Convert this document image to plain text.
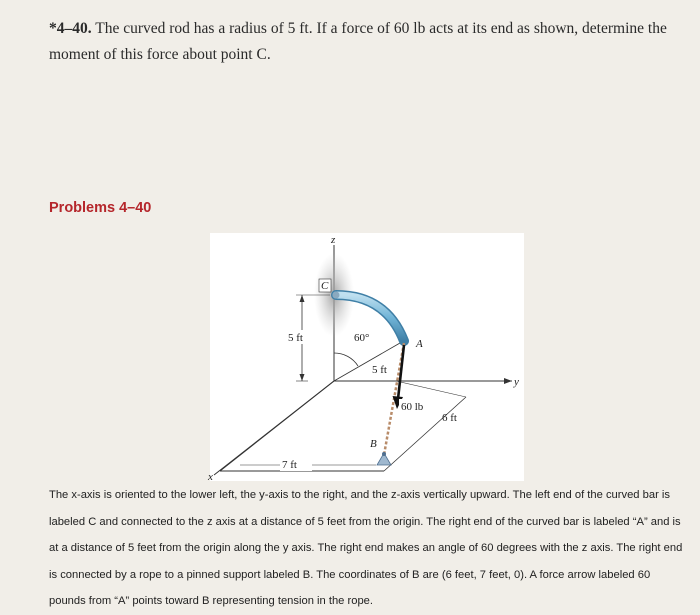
*4–40. The curved rod has a radius of 5 ft. If a force of 60 lb acts at its end as shown, determine the moment of this force about point C.
Problems 4–40
z
y
x
5 ft	60°
5 ft
C
A
60 lb
B
6 ft
7 ft
The x-axis is oriented to the lower left, the y-axis to the right, and the z-axis vertically upward. The left end of the curved bar is labeled C and connected to the z axis at a distance of 5 feet from the origin. The right end of the curved bar is labeled “A” and is at a distance of 5 feet from the origin along the y axis. The right end makes an angle of 60 degrees with the z axis. The right end is connected by a rope to a pinned support labeled B. The coordinates of B are (6 feet, 7 feet, 0). A force arrow labeled 60 pounds from “A” points toward B representing tension in the rope.
